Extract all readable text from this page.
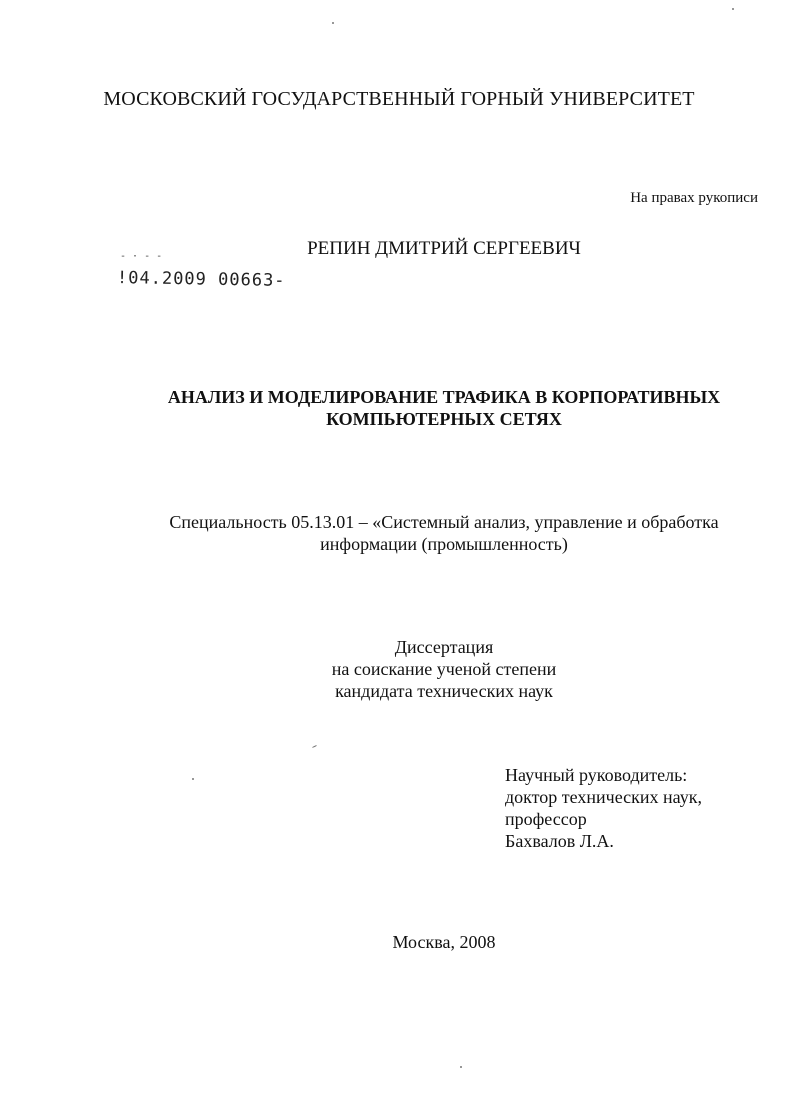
МОСКОВСКИЙ ГОСУДАРСТВЕННЫЙ ГОРНЫЙ УНИВЕРСИТЕТ
На правах рукописи
РЕПИН ДМИТРИЙ СЕРГЕЕВИЧ
- · - -
!04.2009 00663-
АНАЛИЗ И МОДЕЛИРОВАНИЕ ТРАФИКА В КОРПОРАТИВНЫХ
КОМПЬЮТЕРНЫХ СЕТЯХ
Специальность 05.13.01 – «Системный анализ, управление и обработка
информации (промышленность)
Диссертация
на соискание ученой степени
кандидата технических наук
Научный руководитель:
доктор технических наук,
профессор
Бахвалов Л.А.
Москва, 2008
